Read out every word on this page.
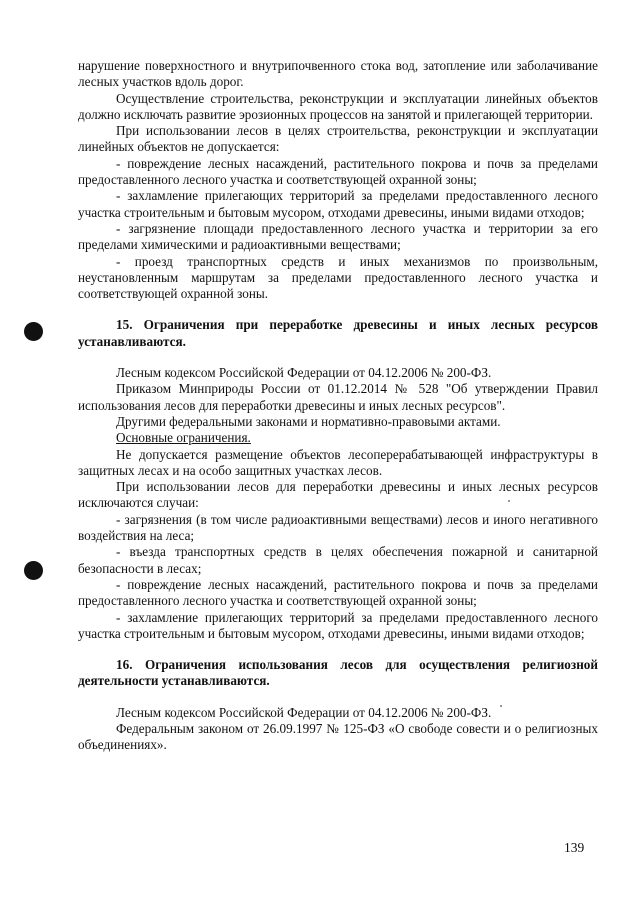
нарушение поверхностного и внутрипочвенного стока вод, затопление или заболачивание лесных участков вдоль дорог.

Осуществление строительства, реконструкции и эксплуатации линейных объектов должно исключать развитие эрозионных процессов на занятой и прилегающей территории.

При использовании лесов в целях строительства, реконструкции и эксплуатации линейных объектов не допускается:

- повреждение лесных насаждений, растительного покрова и почв за пределами предоставленного лесного участка и соответствующей охранной зоны;

- захламление прилегающих территорий за пределами предоставленного лесного участка строительным и бытовым мусором, отходами древесины, иными видами отходов;

- загрязнение площади предоставленного лесного участка и территории за его пределами химическими и радиоактивными веществами;

- проезд транспортных средств и иных механизмов по произвольным, неустановленным маршрутам за пределами предоставленного лесного участка и соответствующей охранной зоны.

15. Ограничения при переработке древесины и иных лесных ресурсов устанавливаются.

Лесным кодексом Российской Федерации от 04.12.2006 № 200-ФЗ.

Приказом Минприроды России от 01.12.2014 № 528 "Об утверждении Правил использования лесов для переработки древесины и иных лесных ресурсов".

Другими федеральными законами и нормативно-правовыми актами.

Основные ограничения.

Не допускается размещение объектов лесоперерабатывающей инфраструктуры в защитных лесах и на особо защитных участках лесов.

При использовании лесов для переработки древесины и иных лесных ресурсов исключаются случаи:

- загрязнения (в том числе радиоактивными веществами) лесов и иного негативного воздействия на леса;

- въезда транспортных средств в целях обеспечения пожарной и санитарной безопасности в лесах;

- повреждение лесных насаждений, растительного покрова и почв за пределами предоставленного лесного участка и соответствующей охранной зоны;

- захламление прилегающих территорий за пределами предоставленного лесного участка строительным и бытовым мусором, отходами древесины, иными видами отходов;

16. Ограничения использования лесов для осуществления религиозной деятельности устанавливаются.

Лесным кодексом Российской Федерации от 04.12.2006 № 200-ФЗ.

Федеральным законом от 26.09.1997 № 125-ФЗ «О свободе совести и о религиозных объединениях».

139
